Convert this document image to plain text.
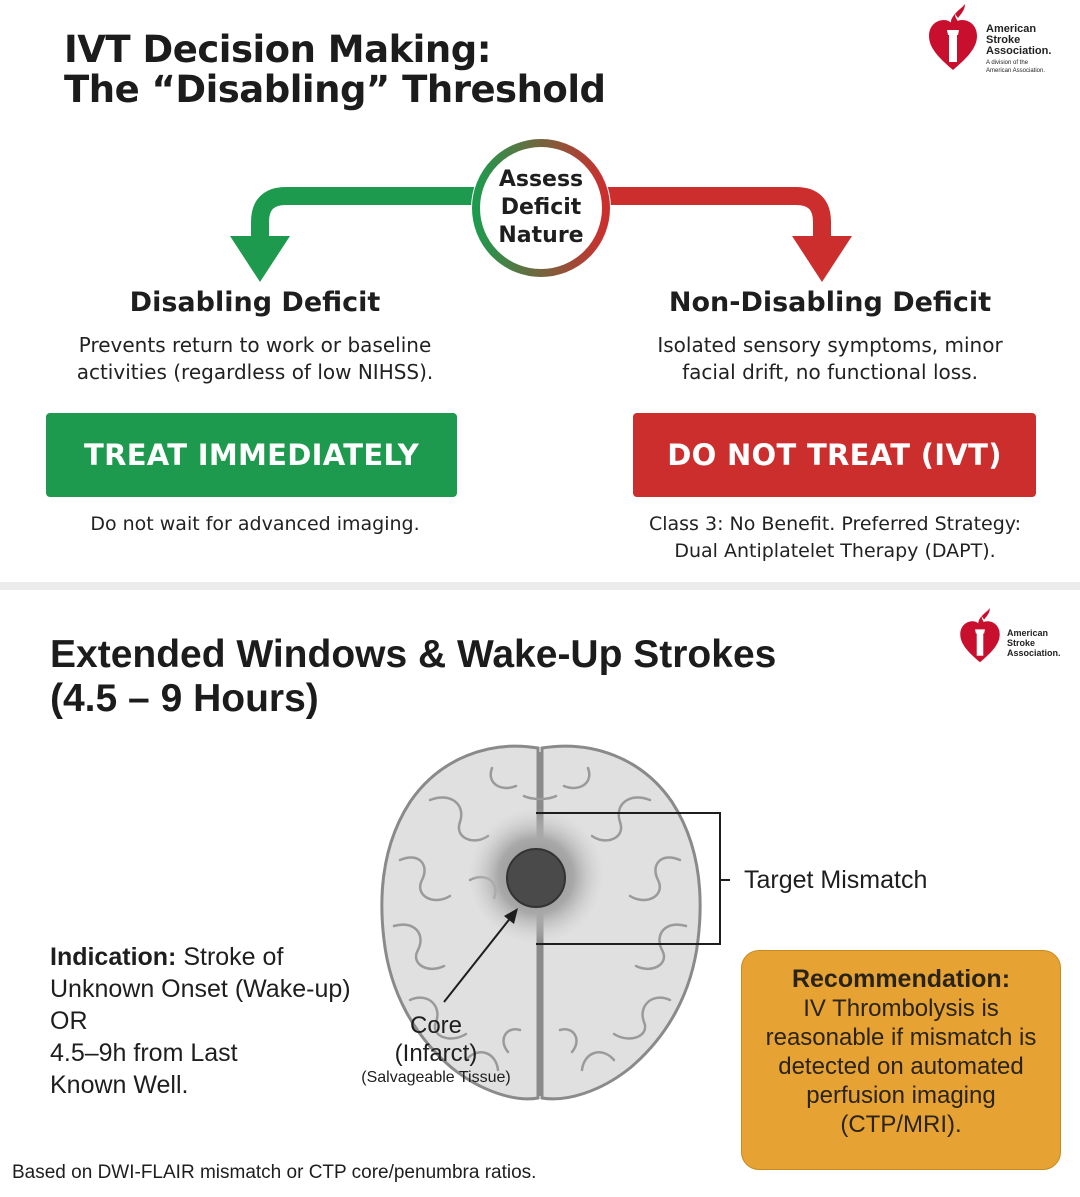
IVT Decision Making:
The “Disabling” Threshold
American
Stroke
Association.
A division of the
American Association.
Assess
Deficit
Nature
Disabling Deficit
Prevents return to work or baseline
activities (regardless of low NIHSS).
TREAT IMMEDIATELY
Do not wait for advanced imaging.
Non-Disabling Deficit
Isolated sensory symptoms, minor
facial drift, no functional loss.
DO NOT TREAT (IVT)
Class 3: No Benefit. Preferred Strategy:
Dual Antiplatelet Therapy (DAPT).
Extended Windows & Wake-Up Strokes
(4.5 – 9 Hours)
American
Stroke
Association.
Target Mismatch
Indication: Stroke of
Unknown Onset (Wake-up)
OR
4.5–9h from Last
Known Well.
Core
(Infarct)
(Salvageable Tissue)
Recommendation:
IV Thrombolysis is
reasonable if mismatch is
detected on automated
perfusion imaging
(CTP/MRI).
Based on DWI-FLAIR mismatch or CTP core/penumbra ratios.
